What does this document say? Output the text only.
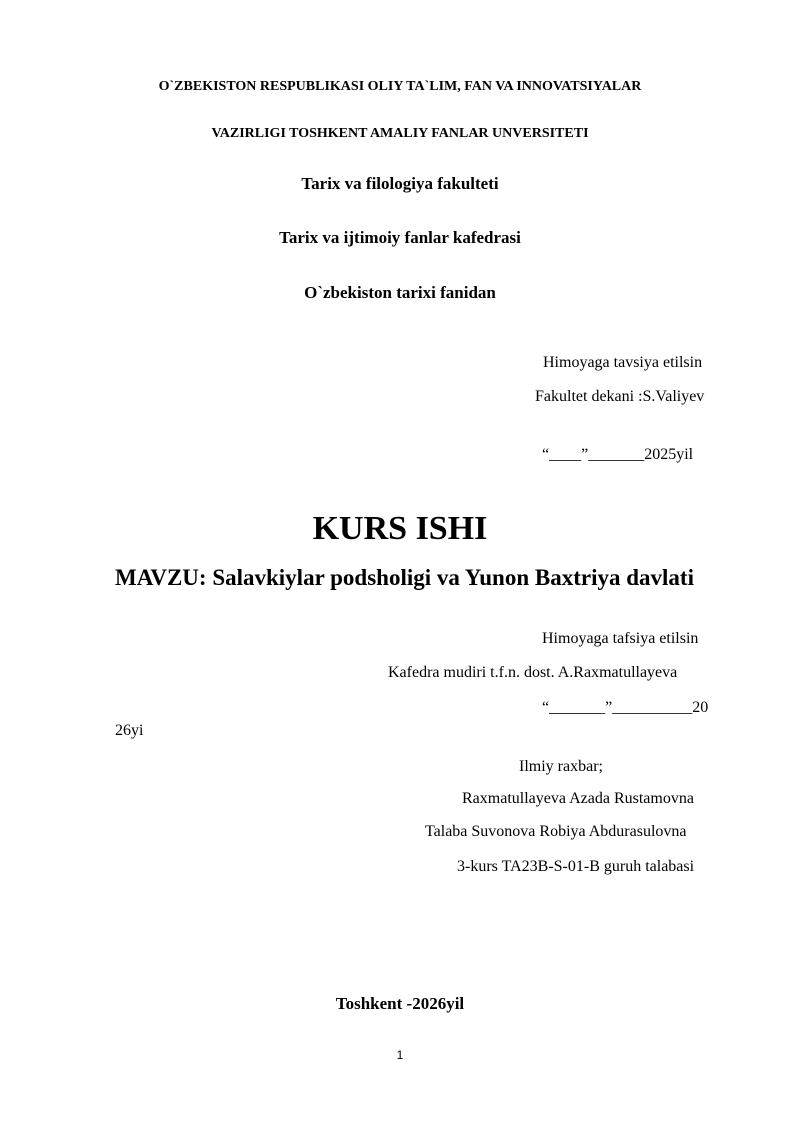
O`ZBEKISTON RESPUBLIKASI OLIY TA`LIM, FAN VA INNOVATSIYALAR
VAZIRLIGI TOSHKENT AMALIY FANLAR UNVERSITETI
Tarix va filologiya fakulteti
Tarix va ijtimoiy fanlar kafedrasi
O`zbekiston tarixi fanidan
Himoyaga tavsiya etilsin
Fakultet dekani :S.Valiyev
“____”_______2025yil
KURS ISHI
MAVZU: Salavkiylar podsholigi va Yunon Baxtriya davlati
Himoyaga tafsiya etilsin
Kafedra mudiri t.f.n. dost. A.Raxmatullayeva
“_______”__________20
26yi
Ilmiy raxbar;
Raxmatullayeva Azada Rustamovna
Talaba Suvonova Robiya Abdurasulovna
3-kurs TA23B-S-01-B guruh talabasi
Toshkent -2026yil
1
